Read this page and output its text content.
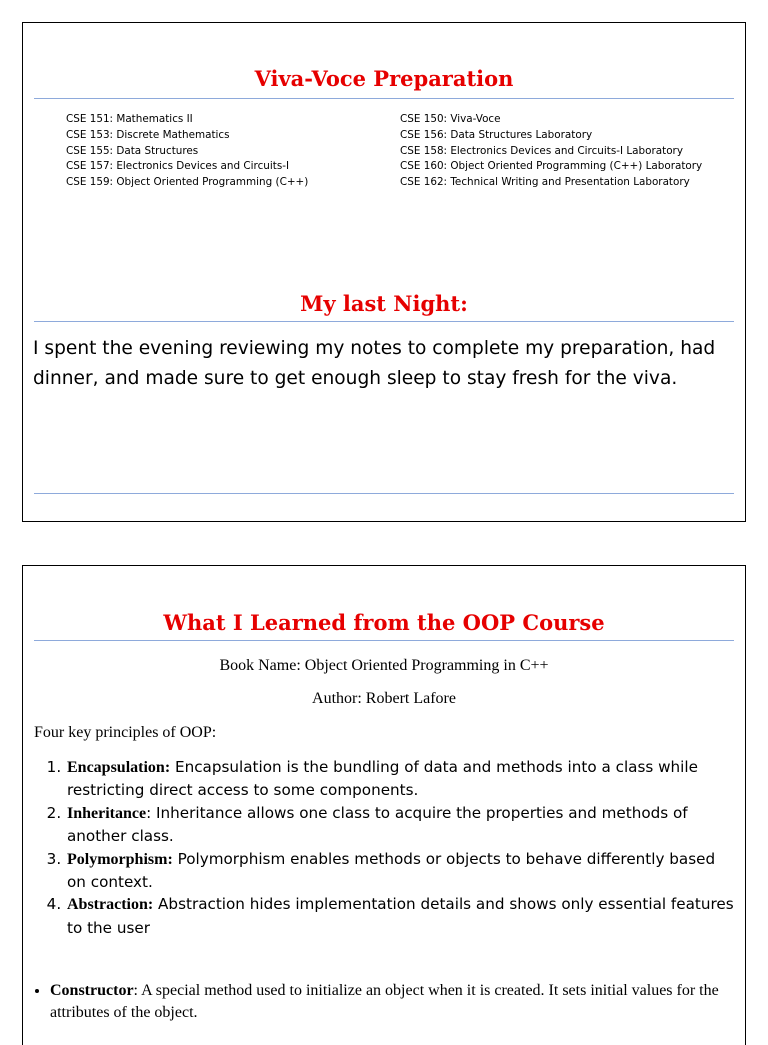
Viva-Voce Preparation
CSE 151: Mathematics II
CSE 153: Discrete Mathematics
CSE 155: Data Structures
CSE 157: Electronics Devices and Circuits-I
CSE 159: Object Oriented Programming (C++)
CSE 150: Viva-Voce
CSE 156: Data Structures Laboratory
CSE 158: Electronics Devices and Circuits-I Laboratory
CSE 160: Object Oriented Programming (C++) Laboratory
CSE 162: Technical Writing and Presentation Laboratory
My last Night:
I spent the evening reviewing my notes to complete my preparation, had dinner, and made sure to get enough sleep to stay fresh for the viva.
What I Learned from the OOP Course
Book Name: Object Oriented Programming in C++
Author: Robert Lafore
Four key principles of OOP:
1. Encapsulation: Encapsulation is the bundling of data and methods into a class while restricting direct access to some components.
2. Inheritance: Inheritance allows one class to acquire the properties and methods of another class.
3. Polymorphism: Polymorphism enables methods or objects to behave differently based on context.
4. Abstraction: Abstraction hides implementation details and shows only essential features to the user
• Constructor: A special method used to initialize an object when it is created. It sets initial values for the attributes of the object.
